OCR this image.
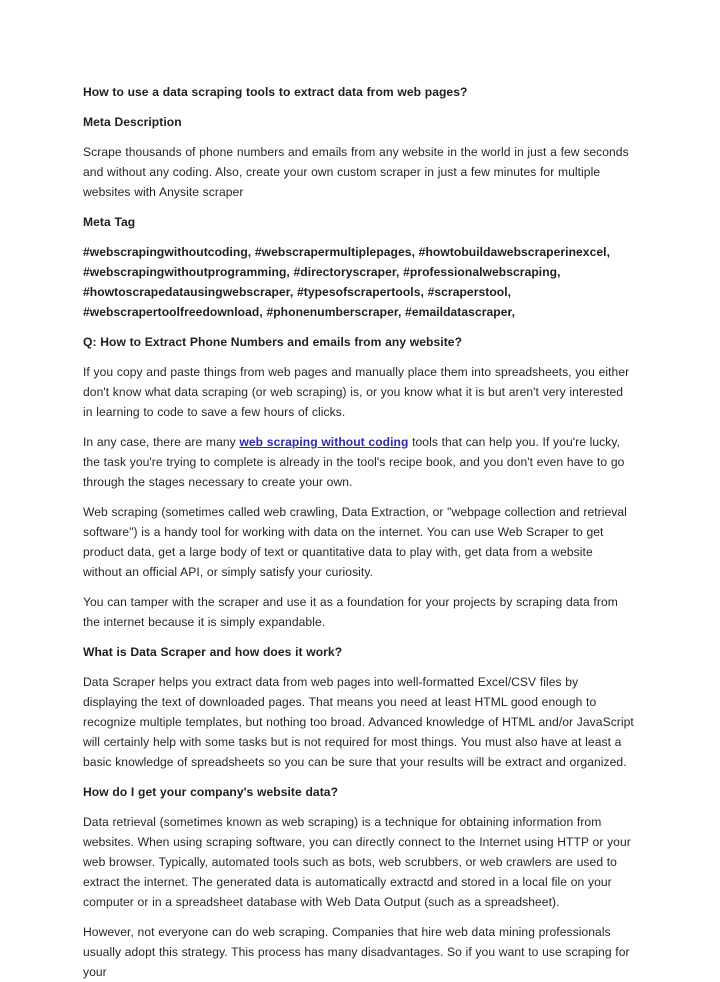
How to use a data scraping tools to extract data from web pages?

Meta Description

Scrape thousands of phone numbers and emails from any website in the world in just a few seconds and without any coding. Also, create your own custom scraper in just a few minutes for multiple websites with Anysite scraper

Meta Tag

#webscrapingwithoutcoding, #webscrapermultiplepages, #howtobuildawebscraperinexcel,
#webscrapingwithoutprogramming, #directoryscraper, #professionalwebscraping,
#howtoscrapedatausingwebscraper, #typesofscrapertools, #scraperstool,
#webscrapertoolfreedownload, #phonenumberscraper, #emaildatascraper,

Q: How to Extract Phone Numbers and emails from any website?

If you copy and paste things from web pages and manually place them into spreadsheets, you either don't know what data scraping (or web scraping) is, or you know what it is but aren't very interested in learning to code to save a few hours of clicks.

In any case, there are many web scraping without coding tools that can help you. If you're lucky, the task you're trying to complete is already in the tool's recipe book, and you don't even have to go through the stages necessary to create your own.

Web scraping (sometimes called web crawling, Data Extraction, or "webpage collection and retrieval software") is a handy tool for working with data on the internet. You can use Web Scraper to get product data, get a large body of text or quantitative data to play with, get data from a website without an official API, or simply satisfy your curiosity.

You can tamper with the scraper and use it as a foundation for your projects by scraping data from the internet because it is simply expandable.

What is Data Scraper and how does it work?

Data Scraper helps you extract data from web pages into well-formatted Excel/CSV files by displaying the text of downloaded pages. That means you need at least HTML good enough to recognize multiple templates, but nothing too broad. Advanced knowledge of HTML and/or JavaScript will certainly help with some tasks but is not required for most things. You must also have at least a basic knowledge of spreadsheets so you can be sure that your results will be extract and organized.

How do I get your company's website data?

Data retrieval (sometimes known as web scraping) is a technique for obtaining information from websites. When using scraping software, you can directly connect to the Internet using HTTP or your web browser. Typically, automated tools such as bots, web scrubbers, or web crawlers are used to extract the internet. The generated data is automatically extractd and stored in a local file on your computer or in a spreadsheet database with Web Data Output (such as a spreadsheet).

However, not everyone can do web scraping. Companies that hire web data mining professionals usually adopt this strategy. This process has many disadvantages. So if you want to use scraping for your
